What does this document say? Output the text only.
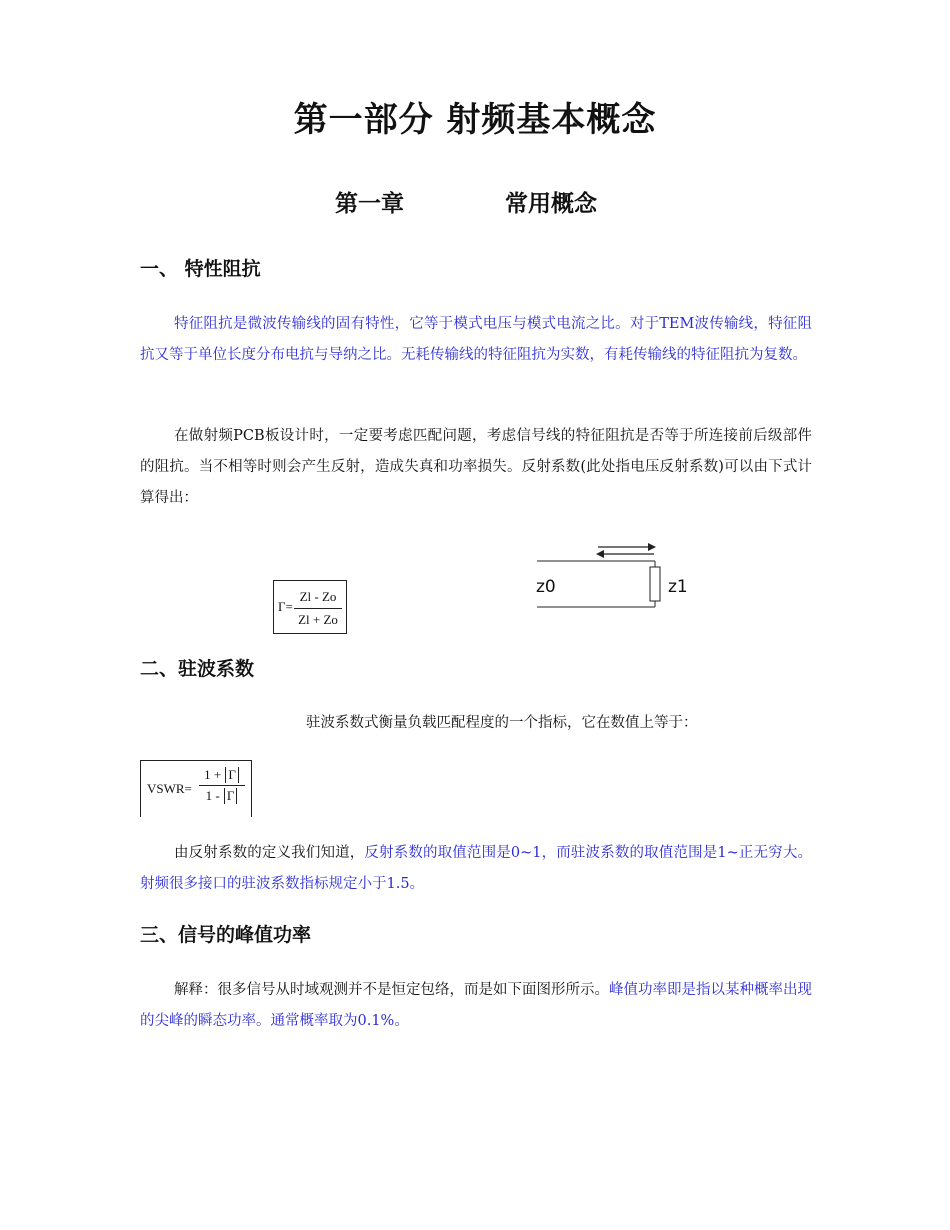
第一部分 射频基本概念
第一章	常用概念
一、 特性阻抗
特征阻抗是微波传输线的固有特性，它等于模式电压与模式电流之比。对于TEM波传输线，特征阻抗又等于单位长度分布电抗与导纳之比。无耗传输线的特征阻抗为实数，有耗传输线的特征阻抗为复数。
在做射频PCB板设计时，一定要考虑匹配问题，考虑信号线的特征阻抗是否等于所连接前后级部件的阻抗。当不相等时则会产生反射，造成失真和功率损失。反射系数(此处指电压反射系数)可以由下式计算得出：
$\Gamma= \frac{Zl - Zo}{Zl + Zo}$
z0	z1
二、驻波系数
驻波系数式衡量负载匹配程度的一个指标，它在数值上等于：
VSWR=
1 + Γ
1 - Γ
由反射系数的定义我们知道，反射系数的取值范围是0~1，而驻波系数的取值范围是1~正无穷大。射频很多接口的驻波系数指标规定小于1.5。
三、信号的峰值功率
解释：很多信号从时域观测并不是恒定包络，而是如下面图形所示。峰值功率即是指以某种概率出现的尖峰的瞬态功率。通常概率取为0.1%。
